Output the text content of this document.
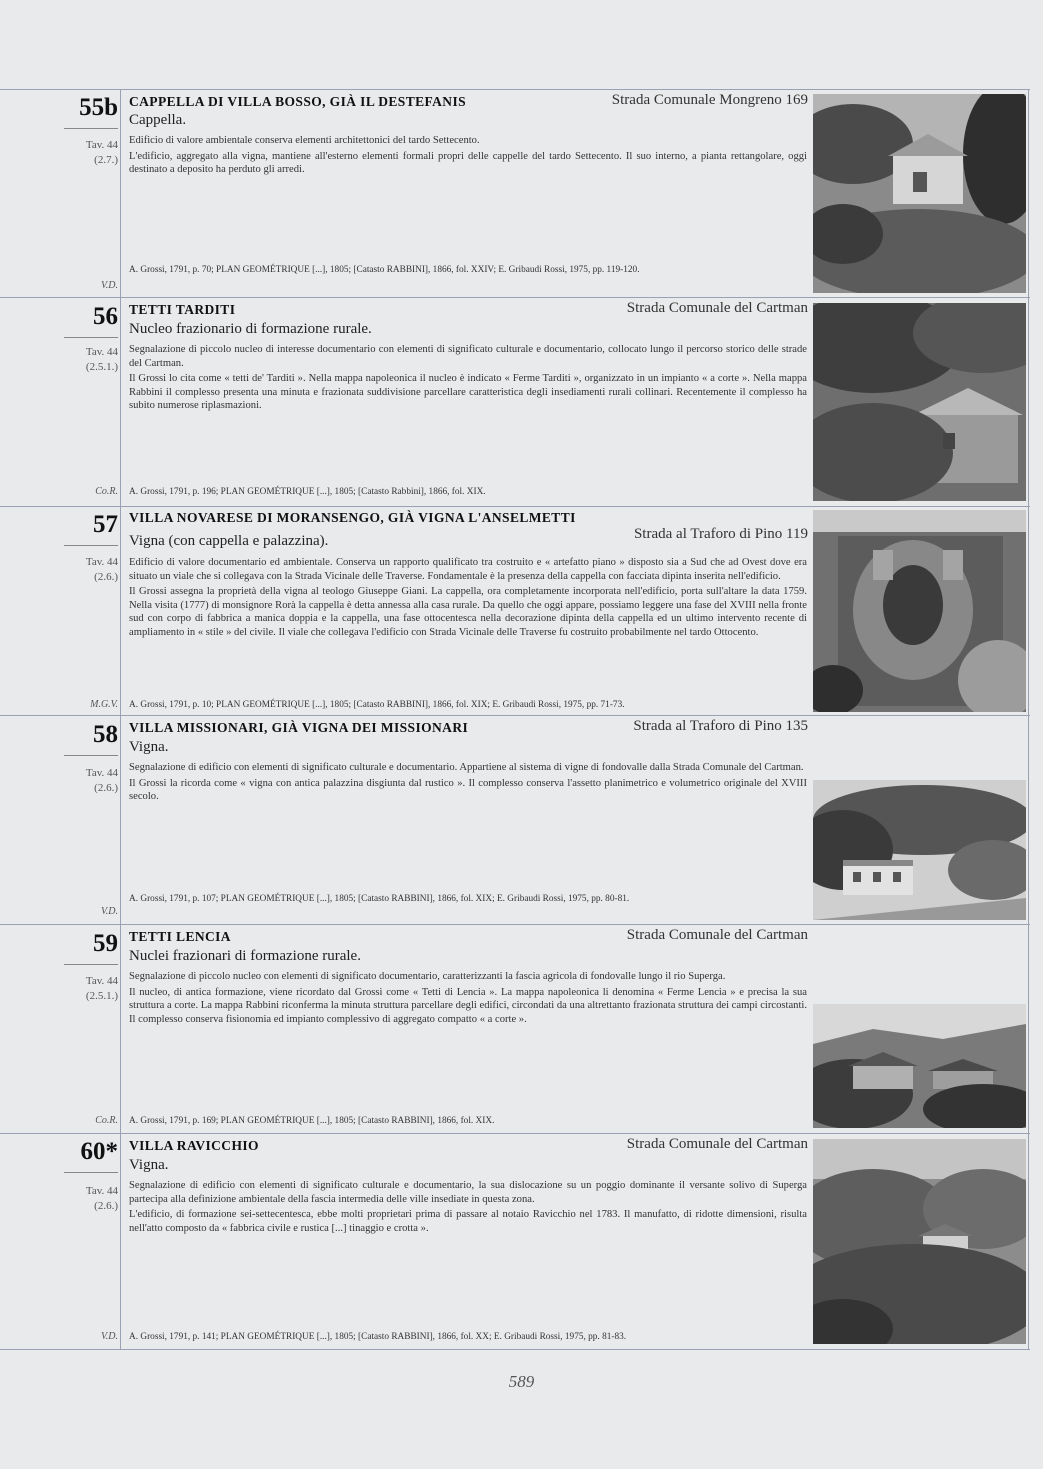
55b
Tav. 44
(2.7.)
V.D.
CAPPELLA DI VILLA BOSSO, GIÀ IL DESTEFANIS	Strada Comunale Mongreno 169
Cappella.

Edificio di valore ambientale conserva elementi architettonici del tardo Settecento.

L'edificio, aggregato alla vigna, mantiene all'esterno elementi formali propri delle cappelle del tardo Settecento. Il suo interno, a pianta rettangolare, oggi destinato a deposito ha perduto gli arredi.

A. Grossi, 1791, p. 70; PLAN GEOMÉTRIQUE [...], 1805; [Catasto RABBINI], 1866, fol. XXIV; E. Gribaudi Rossi, 1975, pp. 119-120.
56
Tav. 44
(2.5.1.)
Co.R.
TETTI TARDITI	Strada Comunale del Cartman
Nucleo frazionario di formazione rurale.

Segnalazione di piccolo nucleo di interesse documentario con elementi di significato culturale e documentario, collocato lungo il percorso storico delle strade del Cartman.

Il Grossi lo cita come « tetti de' Tarditi ». Nella mappa napoleonica il nucleo è indicato « Ferme Tarditi », organizzato in un impianto « a corte ». Nella mappa Rabbini il complesso presenta una minuta e frazionata suddivisione parcellare caratteristica degli insediamenti rurali collinari. Recentemente il complesso ha subito numerose riplasmazioni.

A. Grossi, 1791, p. 196; PLAN GEOMÉTRIQUE [...], 1805; [Catasto Rabbini], 1866, fol. XIX.
57
Tav. 44
(2.6.)
M.G.V.
VILLA NOVARESE DI MORANSENGO, GIÀ VIGNA L'ANSELMETTI
Strada al Traforo di Pino 119
Vigna (con cappella e palazzina).

Edificio di valore documentario ed ambientale. Conserva un rapporto qualificato tra costruito e « artefatto piano » disposto sia a Sud che ad Ovest dove era situato un viale che si collegava con la Strada Vicinale delle Traverse. Fondamentale è la presenza della cappella con facciata dipinta inserita nell'edificio.

Il Grossi assegna la proprietà della vigna al teologo Giuseppe Giani. La cappella, ora completamente incorporata nell'edificio, porta sull'altare la data 1759. Nella visita (1777) di monsignore Rorà la cappella è detta annessa alla casa rurale. Da quello che oggi appare, possiamo leggere una fase del XVIII nella fronte sud con corpo di fabbrica a manica doppia e la cappella, una fase ottocentesca nella decorazione dipinta della cappella ed un ultimo intervento recente di ampliamento in « stile » del civile. Il viale che collegava l'edificio con Strada Vicinale delle Traverse fu costruito probabilmente nel tardo Ottocento.

A. Grossi, 1791, p. 10; PLAN GEOMÉTRIQUE [...], 1805; [Catasto RABBINI], 1866, fol. XIX; E. Gribaudi Rossi, 1975, pp. 71-73.
58
Tav. 44
(2.6.)
V.D.
VILLA MISSIONARI, GIÀ VIGNA DEI MISSIONARI	Strada al Traforo di Pino 135
Vigna.

Segnalazione di edificio con elementi di significato culturale e documentario. Appartiene al sistema di vigne di fondovalle dalla Strada Comunale del Cartman.

Il Grossi la ricorda come « vigna con antica palazzina disgiunta dal rustico ». Il complesso conserva l'assetto planimetrico e volumetrico originale del XVIII secolo.

A. Grossi, 1791, p. 107; PLAN GEOMÉTRIQUE [...], 1805; [Catasto RABBINI], 1866, fol. XIX; E. Gribaudi Rossi, 1975, pp. 80-81.
59
Tav. 44
(2.5.1.)
Co.R.
TETTI LENCIA	Strada Comunale del Cartman
Nuclei frazionari di formazione rurale.

Segnalazione di piccolo nucleo con elementi di significato documentario, caratterizzanti la fascia agricola di fondovalle lungo il rio Superga.

Il nucleo, di antica formazione, viene ricordato dal Grossi come « Tetti di Lencia ». La mappa napoleonica li denomina « Ferme Lencia » e precisa la sua struttura a corte. La mappa Rabbini riconferma la minuta struttura parcellare degli edifici, circondati da una altrettanto frazionata struttura dei campi circostanti. Il complesso conserva fisionomia ed impianto complessivo di aggregato compatto « a corte ».

A. Grossi, 1791, p. 169; PLAN GEOMÉTRIQUE [...], 1805; [Catasto RABBINI], 1866, fol. XIX.
60*
Tav. 44
(2.6.)
V.D.
VILLA RAVICCHIO	Strada Comunale del Cartman
Vigna.

Segnalazione di edificio con elementi di significato culturale e documentario, la sua dislocazione su un poggio dominante il versante solivo di Superga partecipa alla definizione ambientale della fascia intermedia delle ville insediate in questa zona.

L'edificio, di formazione sei-settecentesca, ebbe molti proprietari prima di passare al notaio Ravicchio nel 1783. Il manufatto, di ridotte dimensioni, risulta nell'atto composto da « fabbrica civile e rustica [...] tinaggio e crotta ».

A. Grossi, 1791, p. 141; PLAN GEOMÉTRIQUE [...], 1805; [Catasto RABBINI], 1866, fol. XX; E. Gribaudi Rossi, 1975, pp. 81-83.
589
